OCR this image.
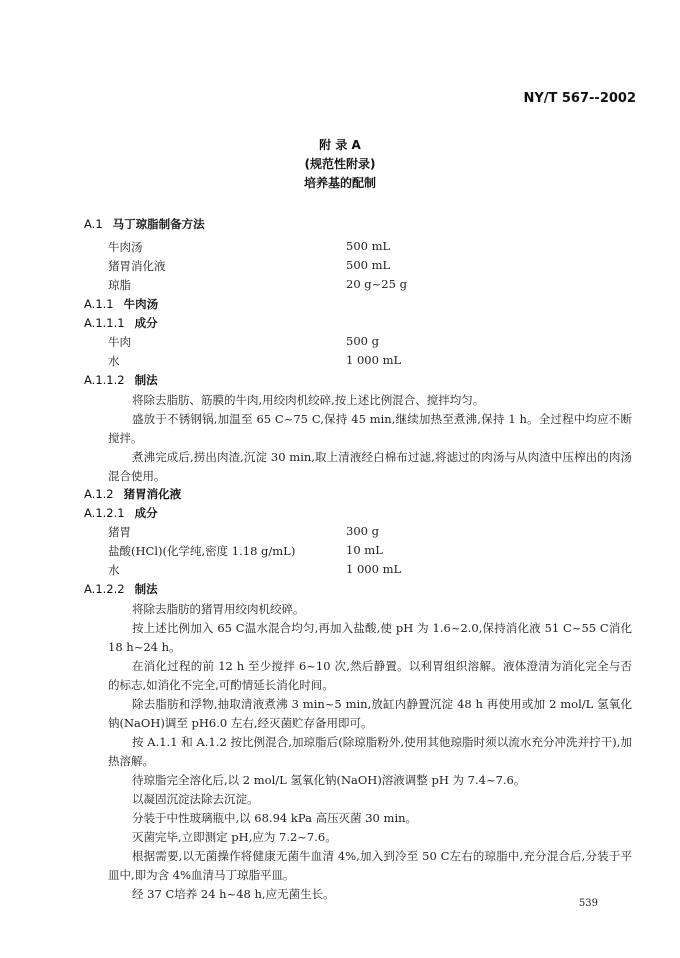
NY/T 567--2002
附 录 A
(规范性附录)
培养基的配制
A.1 马丁琼脂制备方法
牛肉汤	500 mL
猪胃消化液	500 mL
琼脂	20 g~25 g
A.1.1 牛肉汤
A.1.1.1 成分
牛肉	500 g
水	1 000 mL
A.1.1.2 制法
将除去脂肪、筋膜的牛肉,用绞肉机绞碎,按上述比例混合、搅拌均匀。
盛放于不锈钢锅,加温至 65 C~75 C,保持 45 min,继续加热至煮沸,保持 1 h。全过程中均应不断搅拌。
煮沸完成后,捞出肉渣,沉淀 30 min,取上清液经白棉布过滤,将滤过的肉汤与从肉渣中压榨出的肉汤混合使用。
A.1.2 猪胃消化液
A.1.2.1 成分
猪胃	300 g
盐酸(HCl)(化学纯,密度 1.18 g/mL)	10 mL
水	1 000 mL
A.1.2.2 制法
将除去脂肪的猪胃用绞肉机绞碎。
按上述比例加入 65 C温水混合均匀,再加入盐酸,使 pH 为 1.6~2.0,保持消化液 51 C~55 C消化 18 h~24 h。
在消化过程的前 12 h 至少搅拌 6~10 次,然后静置。以利胃组织溶解。液体澄清为消化完全与否的标志,如消化不完全,可酌情延长消化时间。
除去脂肪和浮物,抽取清液煮沸 3 min~5 min,放缸内静置沉淀 48 h 再使用或加 2 mol/L 氢氧化钠(NaOH)调至 pH6.0 左右,经灭菌贮存备用即可。
按 A.1.1 和 A.1.2 按比例混合,加琼脂后(除琼脂粉外,使用其他琼脂时须以流水充分冲洗并拧干),加热溶解。
待琼脂完全溶化后,以 2 mol/L 氢氧化钠(NaOH)溶液调整 pH 为 7.4~7.6。
以凝固沉淀法除去沉淀。
分装于中性玻璃瓶中,以 68.94 kPa 高压灭菌 30 min。
灭菌完毕,立即测定 pH,应为 7.2~7.6。
根据需要,以无菌操作将健康无菌牛血清 4%,加入到冷至 50 C左右的琼脂中,充分混合后,分装于平皿中,即为含 4%血清马丁琼脂平皿。
经 37 C培养 24 h~48 h,应无菌生长。
539
